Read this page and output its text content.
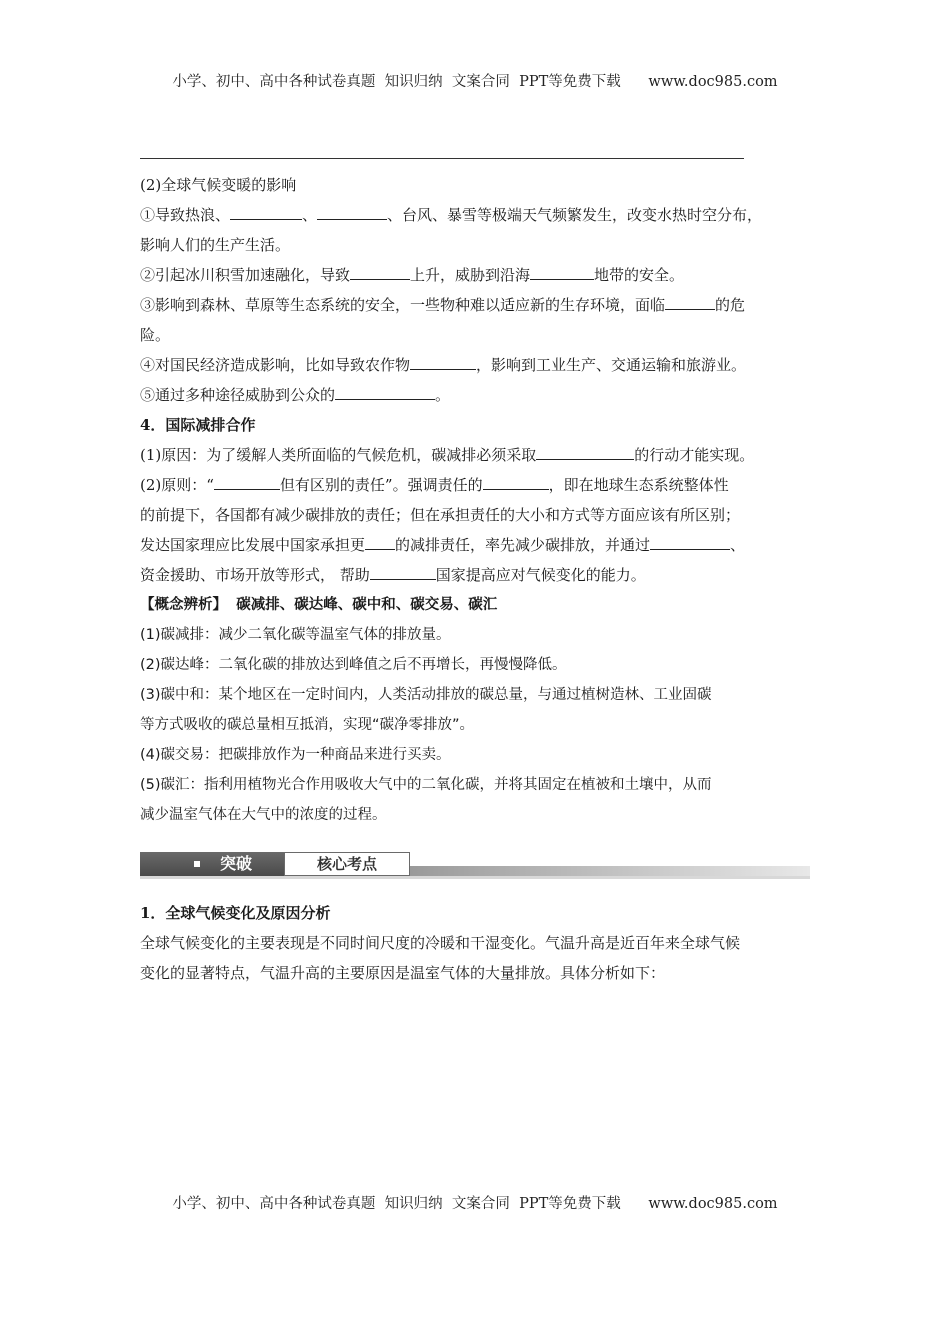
小学、初中、高中各种试卷真题  知识归纳  文案合同  PPT等免费下载      www.doc985.com
(2)全球气候变暖的影响
①导致热浪、	、	、台风、暴雪等极端天气频繁发生，改变水热时空分布，
影响人们的生产生活。
②引起冰川积雪加速融化，导致	上升，威胁到沿海	地带的安全。
③影响到森林、草原等生态系统的安全，一些物种难以适应新的生存环境，面临	的危
险。
④对国民经济造成影响，比如导致农作物	，影响到工业生产、交通运输和旅游业。
⑤通过多种途径威胁到公众的	。
4．国际减排合作
(1)原因：为了缓解人类所面临的气候危机，碳减排必须采取	的行动才能实现。
(2)原则：“	但有区别的责任”。强调责任的	，即在地球生态系统整体性
的前提下，各国都有减少碳排放的责任；但在承担责任的大小和方式等方面应该有所区别；
发达国家理应比发展中国家承担更 的减排责任，率先减少碳排放，并通过	、
资金援助、市场开放等形式， 帮助	国家提高应对气候变化的能力。
【概念辨析】 碳减排、碳达峰、碳中和、碳交易、碳汇
(1)碳减排：减少二氧化碳等温室气体的排放量。
(2)碳达峰：二氧化碳的排放达到峰值之后不再增长，再慢慢降低。
(3)碳中和：某个地区在一定时间内，人类活动排放的碳总量，与通过植树造林、工业固碳
等方式吸收的碳总量相互抵消，实现“碳净零排放”。
(4)碳交易：把碳排放作为一种商品来进行买卖。
(5)碳汇：指利用植物光合作用吸收大气中的二氧化碳，并将其固定在植被和土壤中，从而
减少温室气体在大气中的浓度的过程。
突破	核心考点
1．全球气候变化及原因分析
全球气候变化的主要表现是不同时间尺度的冷暖和干湿变化。气温升高是近百年来全球气候
变化的显著特点，气温升高的主要原因是温室气体的大量排放。具体分析如下：
小学、初中、高中各种试卷真题  知识归纳  文案合同  PPT等免费下载      www.doc985.com
